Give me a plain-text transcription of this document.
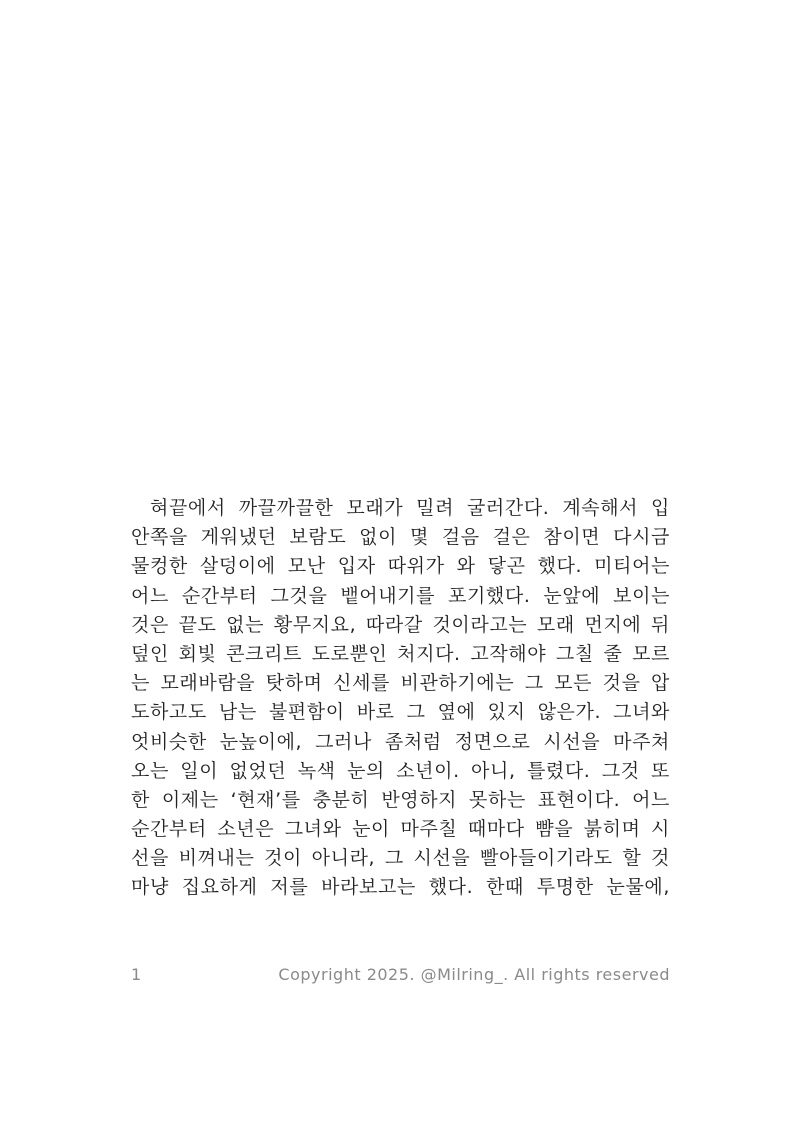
혀끝에서 까끌까끌한 모래가 밀려 굴러간다. 계속해서 입
안쪽을 게워냈던 보람도 없이 몇 걸음 걸은 참이면 다시금
물컹한 살덩이에 모난 입자 따위가 와 닿곤 했다. 미티어는
어느 순간부터 그것을 뱉어내기를 포기했다. 눈앞에 보이는
것은 끝도 없는 황무지요, 따라갈 것이라고는 모래 먼지에 뒤
덮인 회빛 콘크리트 도로뿐인 처지다. 고작해야 그칠 줄 모르
는 모래바람을 탓하며 신세를 비관하기에는 그 모든 것을 압
도하고도 남는 불편함이 바로 그 옆에 있지 않은가. 그녀와
엇비슷한 눈높이에, 그러나 좀처럼 정면으로 시선을 마주쳐
오는 일이 없었던 녹색 눈의 소년이. 아니, 틀렸다. 그것 또
한 이제는 ‘현재’를 충분히 반영하지 못하는 표현이다. 어느
순간부터 소년은 그녀와 눈이 마주칠 때마다 뺨을 붉히며 시
선을 비껴내는 것이 아니라, 그 시선을 빨아들이기라도 할 것
마냥 집요하게 저를 바라보고는 했다. 한때 투명한 눈물에,
1	Copyright 2025. @Milring_. All rights reserved
